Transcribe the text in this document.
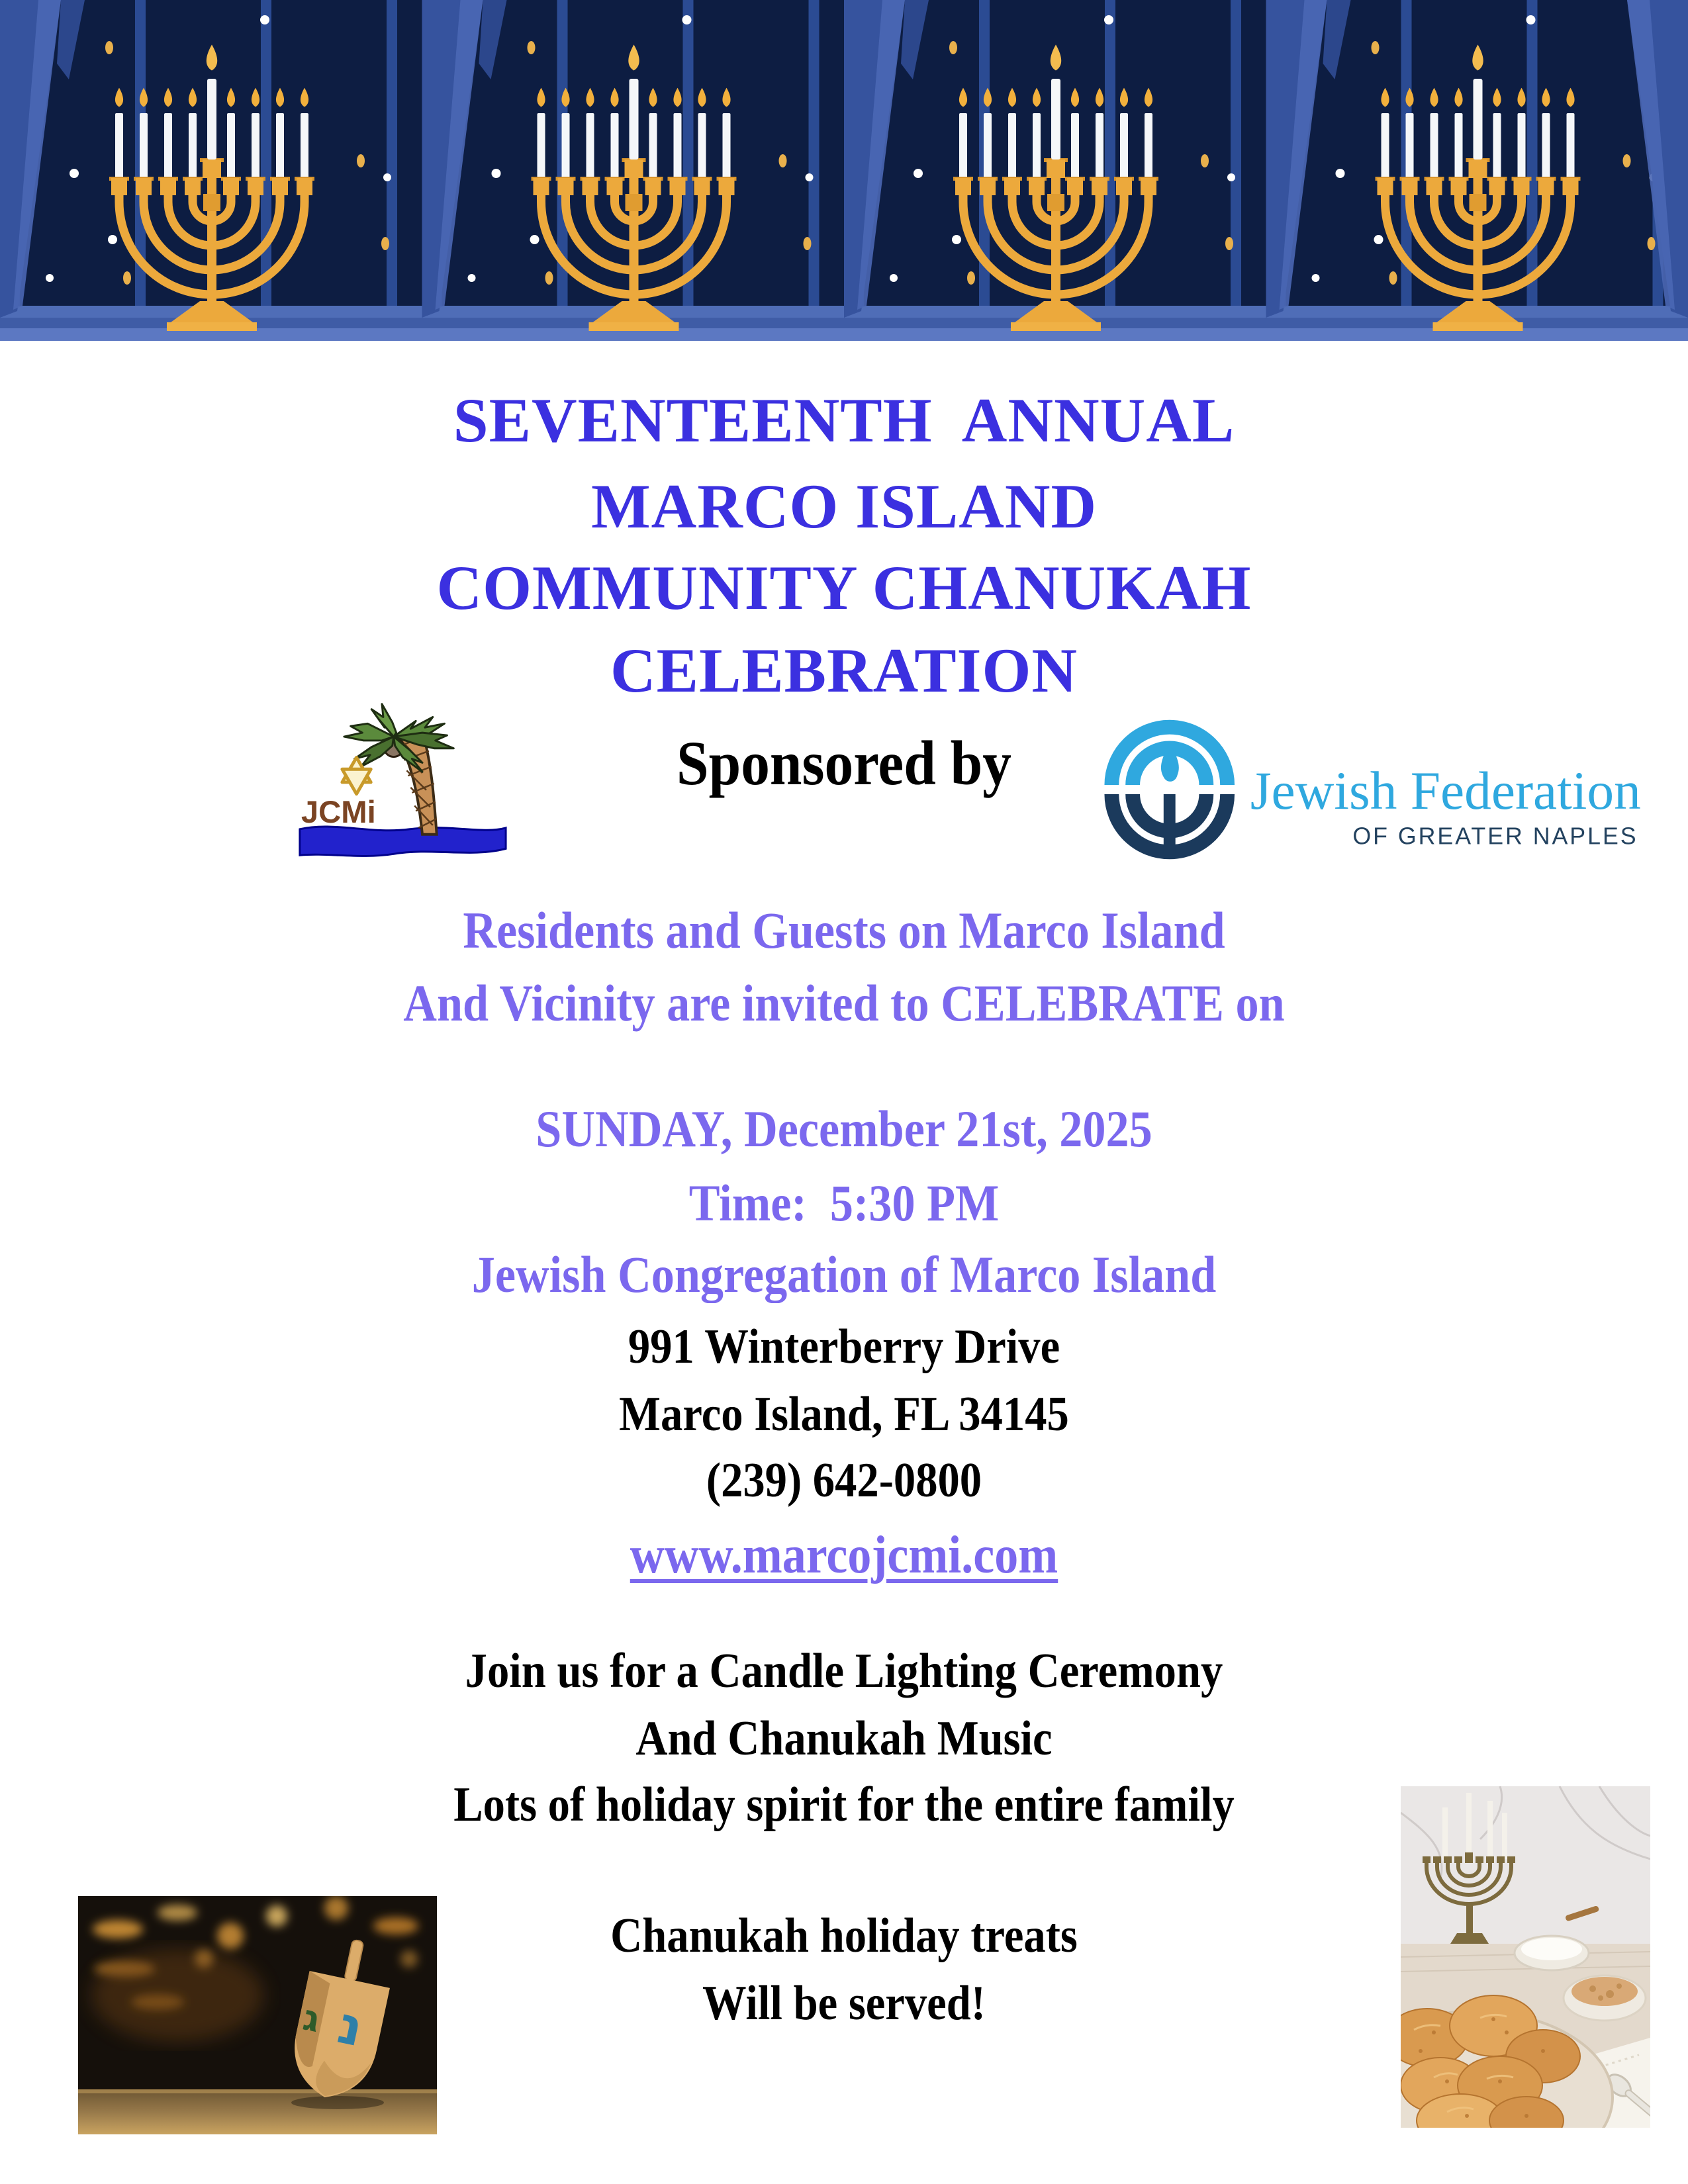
SEVENTEENTH  ANNUAL
MARCO ISLAND
COMMUNITY CHANUKAH
CELEBRATION
JCMi
Sponsored by	Jewish Federation
OF GREATER NAPLES
Residents and Guests on Marco Island
And Vicinity are invited to CELEBRATE on
SUNDAY, December 21st, 2025
Time:  5:30 PM
Jewish Congregation of Marco Island
991 Winterberry Drive
Marco Island, FL 34145
(239) 642-0800
www.marcojcmi.com
Join us for a Candle Lighting Ceremony
And Chanukah Music
Lots of holiday spirit for the entire family
Chanukah holiday treats
Will be served!
נ
ג
